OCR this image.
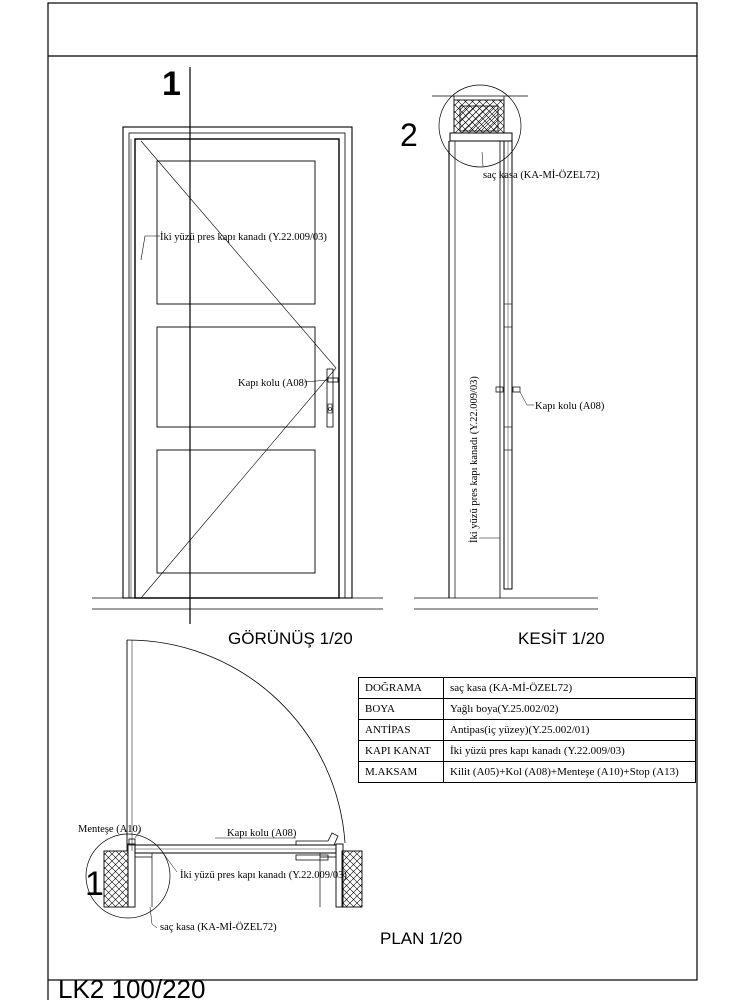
1
İki yüzü pres kapı kanadı (Y.22.009/03)
Kapı kolu (A08)
GÖRÜNÜŞ 1/20
2
saç kasa (KA-Mİ-ÖZEL72)
Kapı kolu (A08)
İki yüzü pres kapı kanadı (Y.22.009/03)
KESİT 1/20
Menteşe (A10)	Kapı kolu (A08)
İki yüzü pres kapı kanadı (Y.22.009/03)
saç kasa (KA-Mİ-ÖZEL72)
1
PLAN 1/20
LK2 100/220
DOĞRAMA	saç kasa (KA-Mİ-ÖZEL72)
BOYA	Yağlı boya(Y.25.002/02)
ANTİPAS	Antipas(iç yüzey)(Y.25.002/01)
KAPI KANAT	İki yüzü pres kapı kanadı (Y.22.009/03)
M.AKSAM	Kilit (A05)+Kol (A08)+Menteşe (A10)+Stop (A13)
